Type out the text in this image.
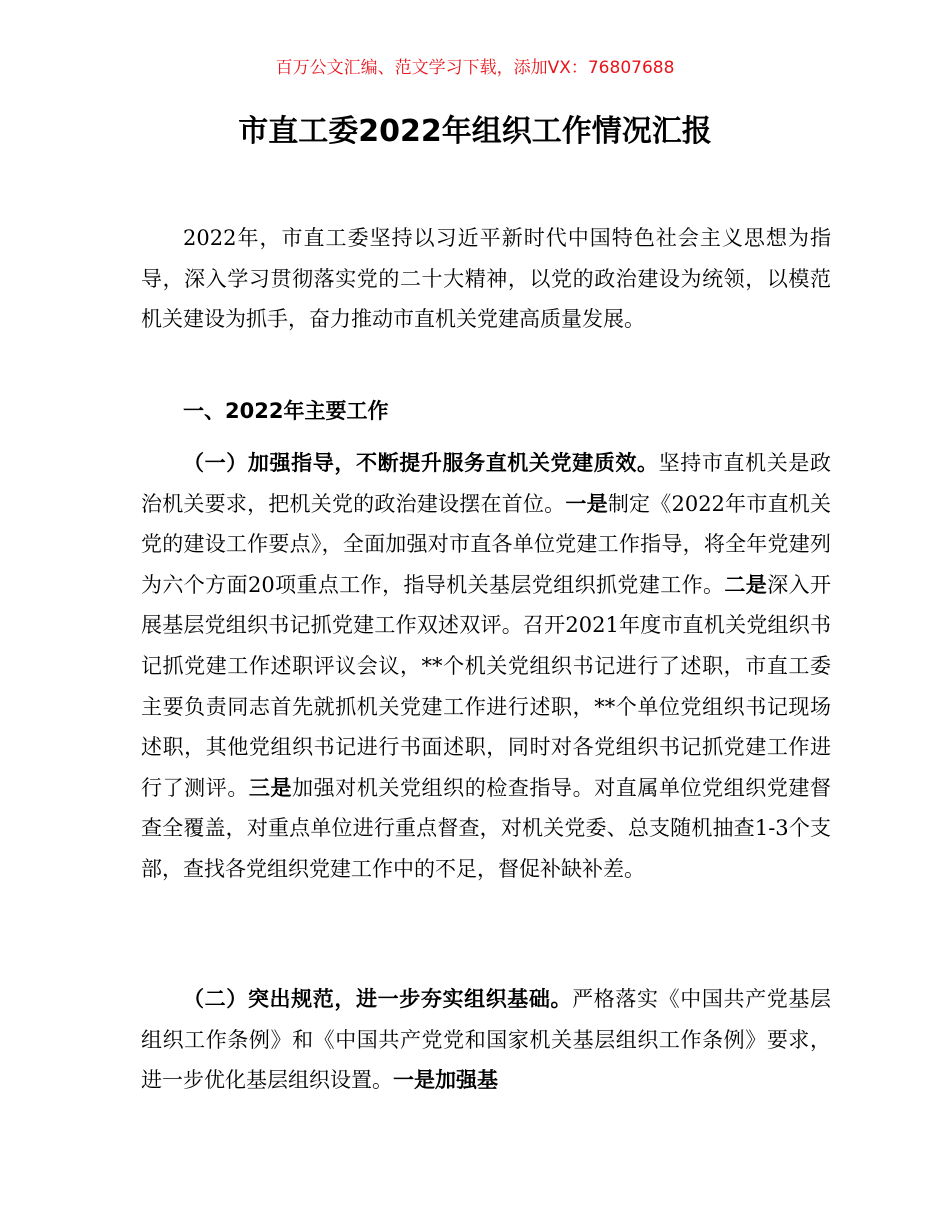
百万公文汇编、范文学习下载，添加VX：76807688

市直工委2022年组织工作情况汇报

2022年，市直工委坚持以习近平新时代中国特色社会主义思想为指导，深入学习贯彻落实党的二十大精神，以党的政治建设为统领，以模范机关建设为抓手，奋力推动市直机关党建高质量发展。

一、2022年主要工作

（一）加强指导，不断提升服务直机关党建质效。坚持市直机关是政治机关要求，把机关党的政治建设摆在首位。一是制定《2022年市直机关党的建设工作要点》，全面加强对市直各单位党建工作指导，将全年党建列为六个方面20项重点工作，指导机关基层党组织抓党建工作。二是深入开展基层党组织书记抓党建工作双述双评。召开2021年度市直机关党组织书记抓党建工作述职评议会议，**个机关党组织书记进行了述职，市直工委主要负责同志首先就抓机关党建工作进行述职，**个单位党组织书记现场述职，其他党组织书记进行书面述职，同时对各党组织书记抓党建工作进行了测评。三是加强对机关党组织的检查指导。对直属单位党组织党建督查全覆盖，对重点单位进行重点督查，对机关党委、总支随机抽查1-3个支部，查找各党组织党建工作中的不足，督促补缺补差。

（二）突出规范，进一步夯实组织基础。严格落实《中国共产党基层组织工作条例》和《中国共产党党和国家机关基层组织工作条例》要求，进一步优化基层组织设置。一是加强基
